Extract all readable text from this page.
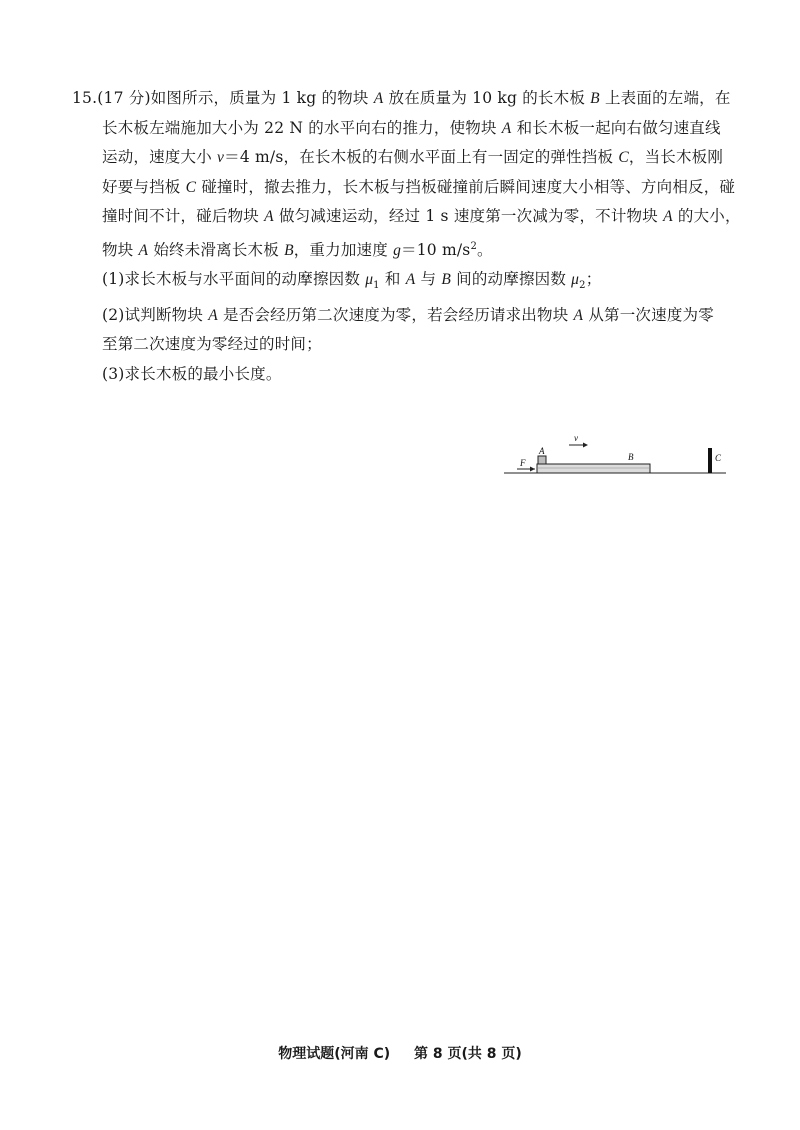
15.(17 分)如图所示，质量为 1 kg 的物块 A 放在质量为 10 kg 的长木板 B 上表面的左端，在
长木板左端施加大小为 22 N 的水平向右的推力，使物块 A 和长木板一起向右做匀速直线
运动，速度大小 v＝4 m/s，在长木板的右侧水平面上有一固定的弹性挡板 C，当长木板刚
好要与挡板 C 碰撞时，撤去推力，长木板与挡板碰撞前后瞬间速度大小相等、方向相反，碰
撞时间不计，碰后物块 A 做匀减速运动，经过 1 s 速度第一次减为零，不计物块 A 的大小，
物块 A 始终未滑离长木板 B，重力加速度 g＝10 $m/s^2$。
(1)求长木板与水平面间的动摩擦因数 $\mu_1$ 和 A 与 B 间的动摩擦因数 $\mu_2$；
(2)试判断物块 A 是否会经历第二次速度为零，若会经历请求出物块 A 从第一次速度为零
至第二次速度为零经过的时间；
(3)求长木板的最小长度。
A
B	C
F
v
物理试题(河南 C) 第 8 页(共 8 页)
